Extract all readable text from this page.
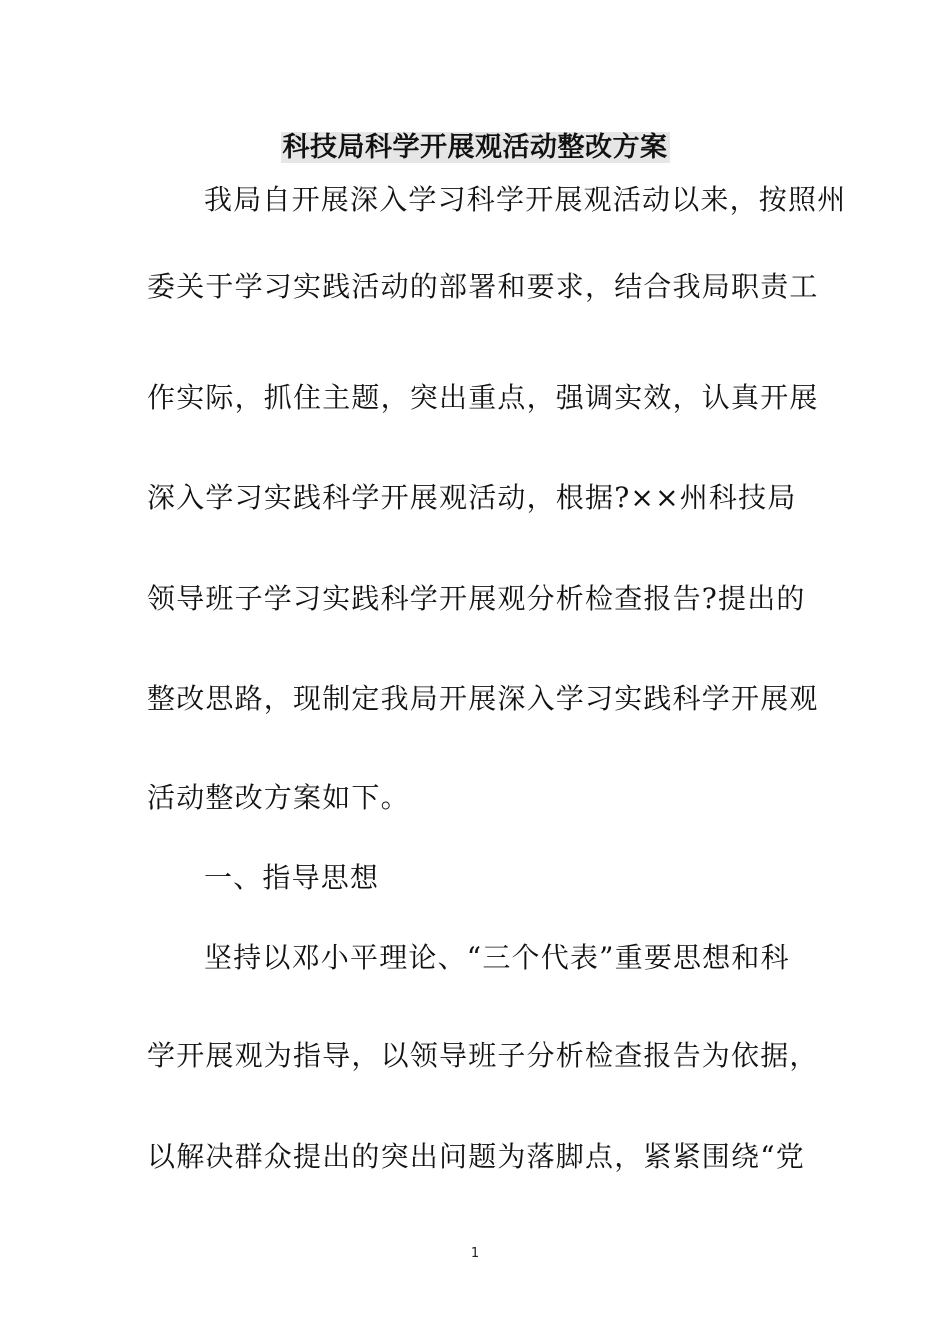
科技局科学开展观活动整改方案

我局自开展深入学习科学开展观活动以来，按照州

委关于学习实践活动的部署和要求，结合我局职责工

作实际，抓住主题，突出重点，强调实效，认真开展

深入学习实践科学开展观活动，根据?××州科技局

领导班子学习实践科学开展观分析检查报告?提出的

整改思路，现制定我局开展深入学习实践科学开展观

活动整改方案如下。

一、指导思想

坚持以邓小平理论、“三个代表”重要思想和科

学开展观为指导，以领导班子分析检查报告为依据，

以解决群众提出的突出问题为落脚点，紧紧围绕“党

1
